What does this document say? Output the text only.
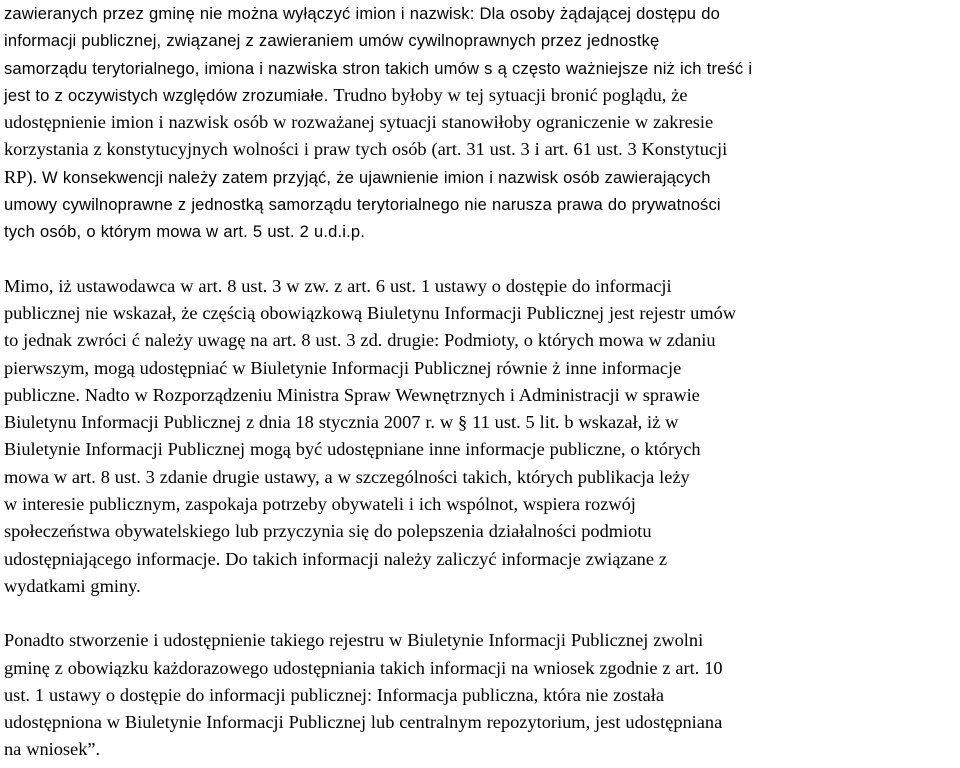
zawieranych przez gminę nie można wyłączyć imion i nazwisk: Dla osoby żądającej dostępu do
informacji publicznej, związanej z zawieraniem umów cywilnoprawnych przez jednostkę
samorządu terytorialnego, imiona i nazwiska stron takich umów s ą często ważniejsze niż ich treść i
jest to z oczywistych względów zrozumiałe. Trudno byłoby w tej sytuacji bronić poglądu, że
udostępnienie imion i nazwisk osób w rozważanej sytuacji stanowiłoby ograniczenie w zakresie
korzystania z konstytucyjnych wolności i praw tych osób (art. 31 ust. 3 i art. 61 ust. 3 Konstytucji
RP). W konsekwencji należy zatem przyjąć, że ujawnienie imion i nazwisk osób zawierających
umowy cywilnoprawne z jednostką samorządu terytorialnego nie narusza prawa do prywatności
tych osób, o którym mowa w art. 5 ust. 2 u.d.i.p.
Mimo, iż ustawodawca w art. 8 ust. 3 w zw. z art. 6 ust. 1 ustawy o dostępie do informacji
publicznej nie wskazał, że częścią obowiązkową Biuletynu Informacji Publicznej jest rejestr umów
to jednak zwróci ć należy uwagę na art. 8 ust. 3 zd. drugie: Podmioty, o których mowa w zdaniu
pierwszym, mogą udostępniać w Biuletynie Informacji Publicznej równie ż inne informacje
publiczne. Nadto w Rozporządzeniu Ministra Spraw Wewnętrznych i Administracji w sprawie
Biuletynu Informacji Publicznej z dnia 18 stycznia 2007 r. w § 11 ust. 5 lit. b wskazał, iż w
Biuletynie Informacji Publicznej mogą być udostępniane inne informacje publiczne, o których
mowa w art. 8 ust. 3 zdanie drugie ustawy, a w szczególności takich, których publikacja leży
w interesie publicznym, zaspokaja potrzeby obywateli i ich wspólnot, wspiera rozwój
społeczeństwa obywatelskiego lub przyczynia się do polepszenia działalności podmiotu
udostępniającego informacje. Do takich informacji należy zaliczyć informacje związane z
wydatkami gminy.
Ponadto stworzenie i udostępnienie takiego rejestru w Biuletynie Informacji Publicznej zwolni
gminę z obowiązku każdorazowego udostępniania takich informacji na wniosek zgodnie z art. 10
ust. 1 ustawy o dostępie do informacji publicznej: Informacja publiczna, która nie została
udostępniona w Biuletynie Informacji Publicznej lub centralnym repozytorium, jest udostępniana
na wniosek”.
